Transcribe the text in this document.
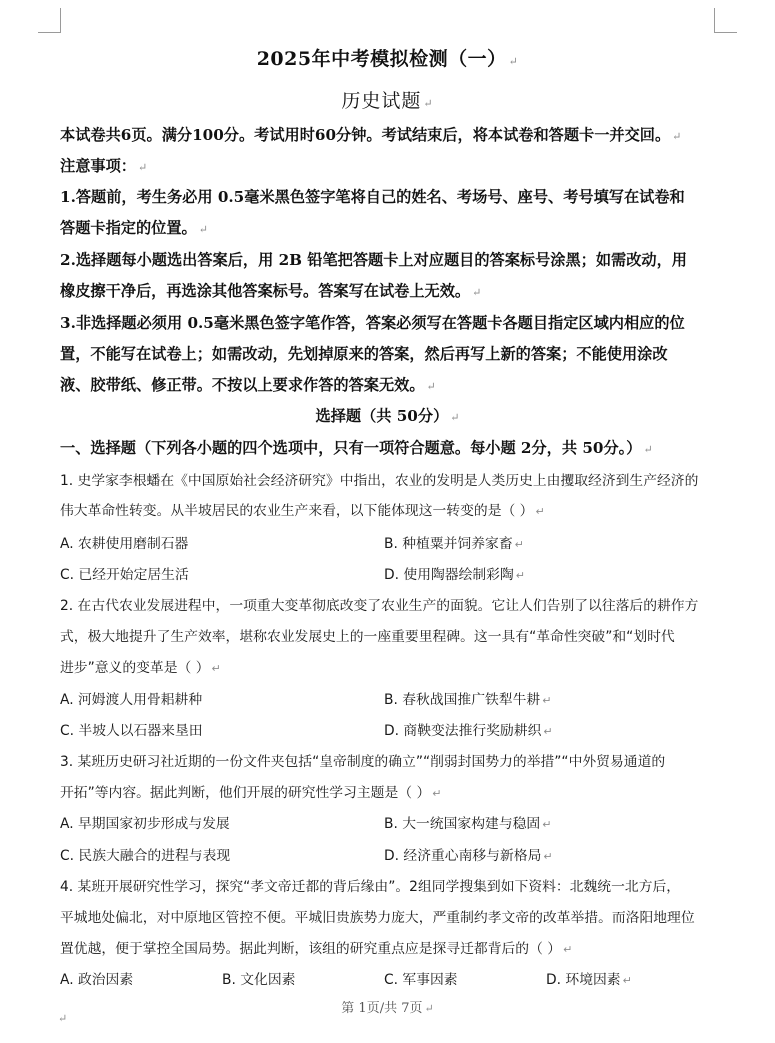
2025年中考模拟检测（一） ↵
历史试题 ↵
本试卷共6页。满分100分。考试用时60分钟。考试结束后，将本试卷和答题卡一并交回。 ↵
注意事项： ↵
1.答题前，考生务必用 0.5毫米黑色签字笔将自己的姓名、考场号、座号、考号填写在试卷和
答题卡指定的位置。 ↵
2.选择题每小题选出答案后，用 2B 铅笔把答题卡上对应题目的答案标号涂黑；如需改动，用
橡皮擦干净后，再选涂其他答案标号。答案写在试卷上无效。 ↵
3.非选择题必须用 0.5毫米黑色签字笔作答，答案必须写在答题卡各题目指定区域内相应的位
置，不能写在试卷上；如需改动，先划掉原来的答案，然后再写上新的答案；不能使用涂改
液、胶带纸、修正带。不按以上要求作答的答案无效。 ↵
选择题（共 50分） ↵
一、选择题（下列各小题的四个选项中，只有一项符合题意。每小题 2分，共 50分。） ↵
1. 史学家李根蟠在《中国原始社会经济研究》中指出，农业的发明是人类历史上由攫取经济到生产经济的
伟大革命性转变。从半坡居民的农业生产来看，以下能体现这一转变的是（ ） ↵
A. 农耕使用磨制石器	B. 种植粟并饲养家畜 ↵
C. 已经开始定居生活	D. 使用陶器绘制彩陶 ↵
2. 在古代农业发展进程中，一项重大变革彻底改变了农业生产的面貌。它让人们告别了以往落后的耕作方
式，极大地提升了生产效率，堪称农业发展史上的一座重要里程碑。这一具有“革命性突破”和“划时代
进步”意义的变革是（ ） ↵
A. 河姆渡人用骨耜耕种	B. 春秋战国推广铁犁牛耕 ↵
C. 半坡人以石器来垦田	D. 商鞅变法推行奖励耕织 ↵
3. 某班历史研习社近期的一份文件夹包括“皇帝制度的确立”“削弱封国势力的举措”“中外贸易通道的
开拓”等内容。据此判断，他们开展的研究性学习主题是（ ） ↵
A. 早期国家初步形成与发展	B. 大一统国家构建与稳固 ↵
C. 民族大融合的进程与表现	D. 经济重心南移与新格局 ↵
4. 某班开展研究性学习，探究“孝文帝迁都的背后缘由”。2组同学搜集到如下资料：北魏统一北方后，
平城地处偏北，对中原地区管控不便。平城旧贵族势力庞大，严重制约孝文帝的改革举措。而洛阳地理位
置优越，便于掌控全国局势。据此判断，该组的研究重点应是探寻迁都背后的（ ） ↵
A. 政治因素	B. 文化因素	C. 军事因素	D. 环境因素 ↵
第 1页/共 7页 ↵
↵
